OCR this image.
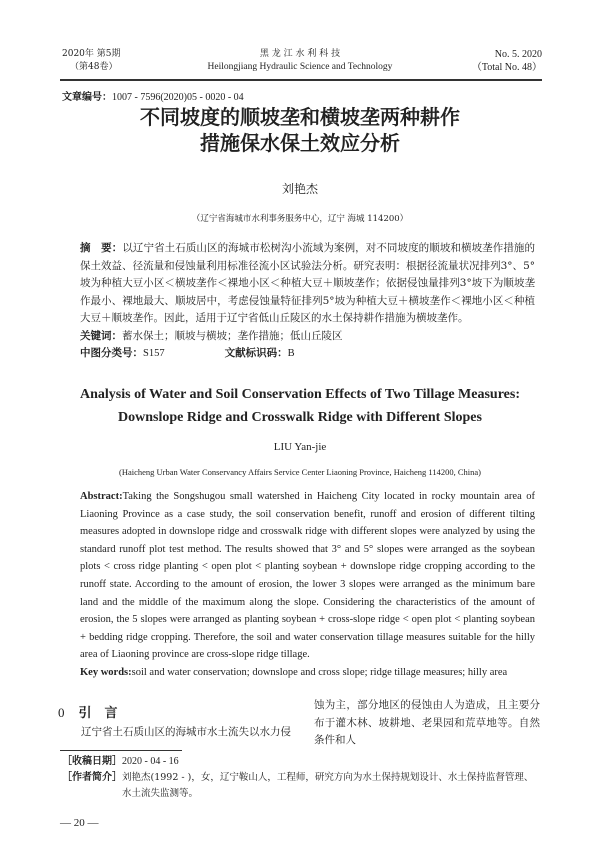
2020年 第5期
（第48卷）
黑 龙 江 水 利 科 技
Heilongjiang Hydraulic Science and Technology
No. 5. 2020
（Total No. 48）
文章编号：1007 - 7596(2020)05 - 0020 - 04
不同坡度的顺坡垄和横坡垄两种耕作
措施保水保土效应分析
刘艳杰
（辽宁省海城市水利事务服务中心，辽宁 海城 114200）

摘　要：以辽宁省土石质山区的海城市松树沟小流域为案例，对不同坡度的顺坡和横坡垄作措施的保土效益、径流量和侵蚀量利用标准径流小区试验法分析。研究表明：根据径流量状况排列3°、5°坡为种植大豆小区＜横坡垄作＜裸地小区＜种植大豆＋顺坡垄作；依据侵蚀量排列3°坡下为顺坡垄作最小、裸地最大、顺坡居中，考虑侵蚀量特征排列5°坡为种植大豆＋横坡垄作＜裸地小区＜种植大豆＋顺坡垄作。因此，适用于辽宁省低山丘陵区的水土保持耕作措施为横坡垄作。

关键词：蓄水保土；顺坡与横坡；垄作措施；低山丘陵区

中图分类号：S157	文献标识码：B

Analysis of Water and Soil Conservation Effects of Two Tillage Measures: Downslope Ridge and Crosswalk Ridge with Different Slopes
LIU Yan-jie
(Haicheng Urban Water Conservancy Affairs Service Center Liaoning Province, Haicheng 114200, China)

Abstract:Taking the Songshugou small watershed in Haicheng City located in rocky mountain area of Liaoning Province as a case study, the soil conservation benefit, runoff and erosion of different tilting measures adopted in downslope ridge and crosswalk ridge with different slopes were analyzed by using the standard runoff plot test method. The results showed that 3° and 5° slopes were arranged as the soybean plots < cross ridge planting < open plot < planting soybean + downslope ridge cropping according to the runoff state. According to the amount of erosion, the lower 3 slopes were arranged as the minimum bare land and the middle of the maximum along the slope. Considering the characteristics of the amount of erosion, the 5 slopes were arranged as planting soybean + cross-slope ridge < open plot < planting soybean + bedding ridge cropping. Therefore, the soil and water conservation tillage measures suitable for the hilly area of Liaoning province are cross-slope ridge tillage.

Key words:soil and water conservation; downslope and cross slope; ridge tillage measures; hilly area

0 引　言
辽宁省土石质山区的海城市水土流失以水力侵
蚀为主，部分地区的侵蚀由人为造成，且主要分布于灌木林、坡耕地、老果园和荒草地等。自然条件和人
［收稿日期］2020 - 04 - 16
［作者简介］ 刘艳杰(1992 - )，女，辽宁鞍山人，工程师，研究方向为水土保持规划设计、水土保持监督管理、水土流失监测等。
— 20 —
